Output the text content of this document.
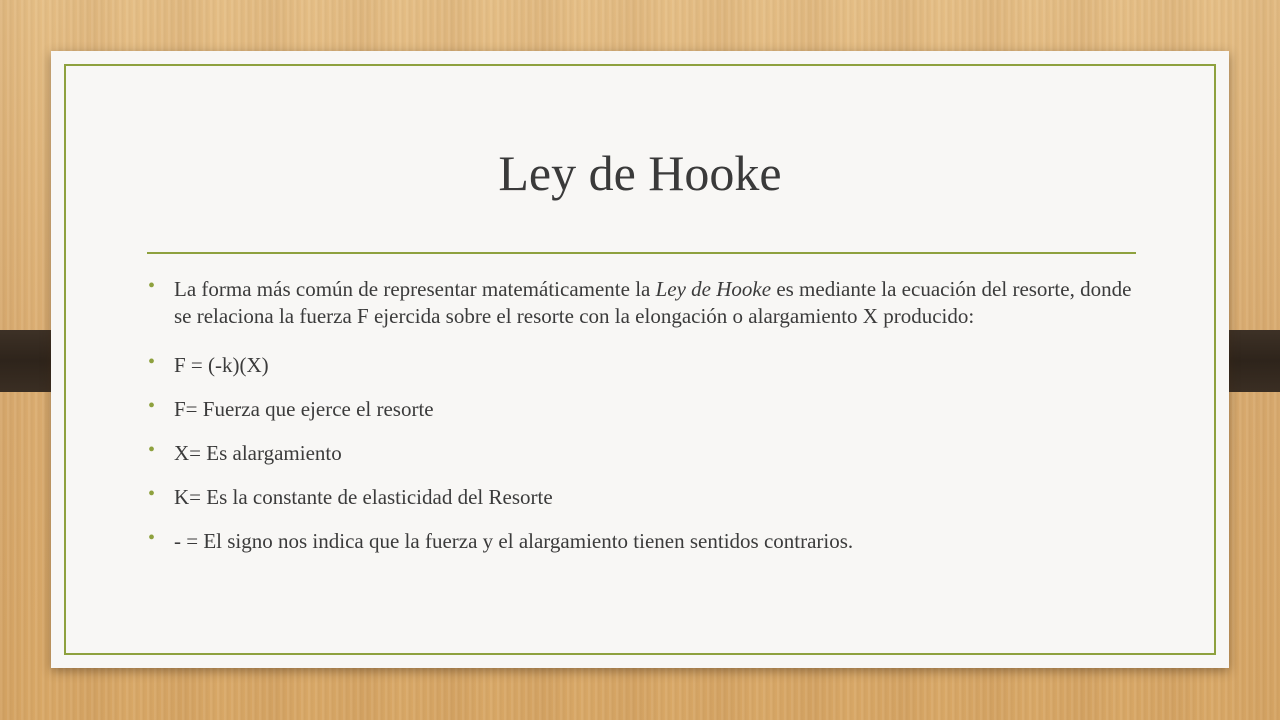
Ley de Hooke
• La forma más común de representar matemáticamente la Ley de Hooke es mediante la ecuación del resorte, donde se relaciona la fuerza F ejercida sobre el resorte con la elongación o alargamiento X producido:
• F = (-k)(X)
• F= Fuerza que ejerce el resorte
• X= Es alargamiento
• K= Es la constante de elasticidad del Resorte
• - = El signo nos indica que la fuerza y el alargamiento tienen sentidos contrarios.
